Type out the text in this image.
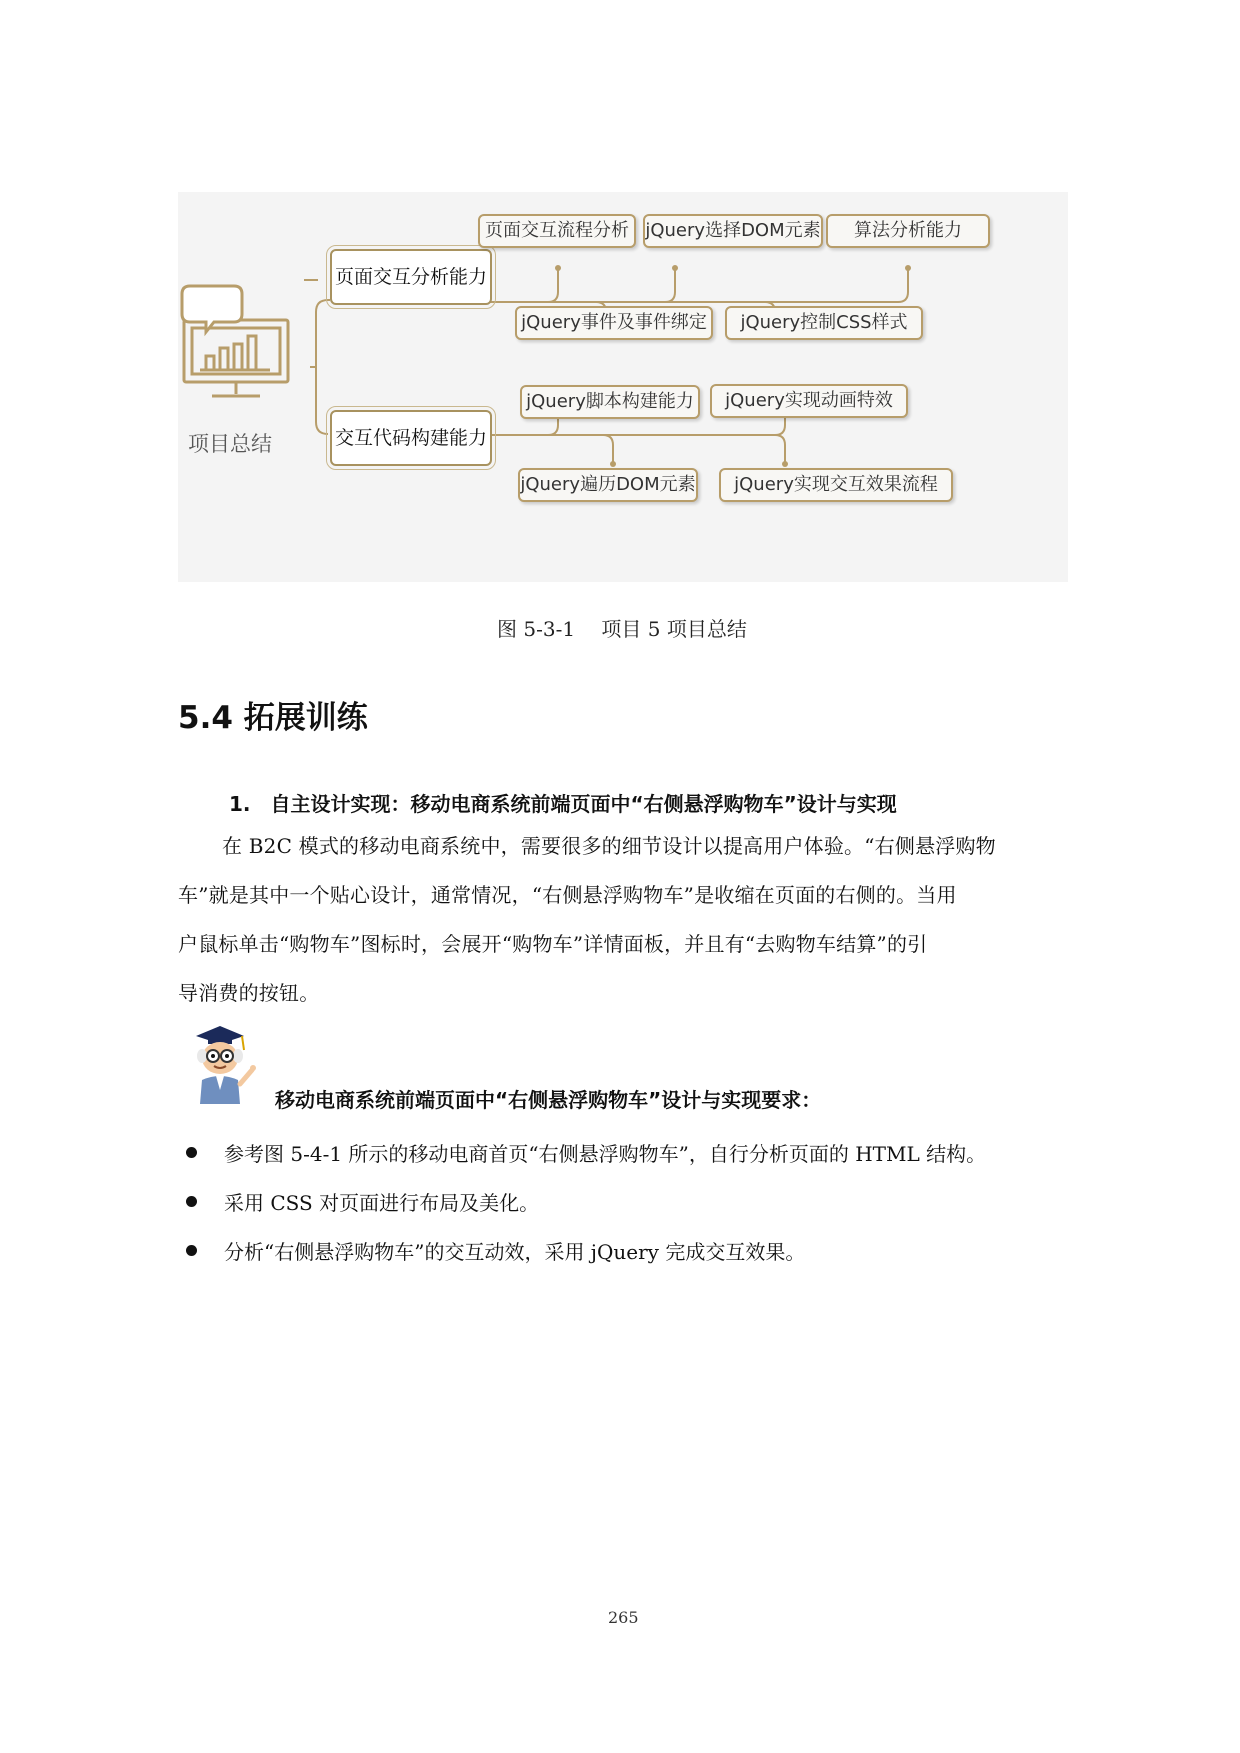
项目总结
页面交互分析能力
页面交互流程分析 jQuery选择DOM元素	算法分析能力
jQuery事件及事件绑定	jQuery控制CSS样式
交互代码构建能力
jQuery脚本构建能力	jQuery实现动画特效
jQuery遍历DOM元素	jQuery实现交互效果流程
图 5-3-1　 项目 5 项目总结
5.4 拓展训练
1.　自主设计实现：移动电商系统前端页面中“右侧悬浮购物车”设计与实现
在 B2C 模式的移动电商系统中，需要很多的细节设计以提高用户体验。“右侧悬浮购物
车”就是其中一个贴心设计，通常情况，“右侧悬浮购物车”是收缩在页面的右侧的。当用
户鼠标单击“购物车”图标时，会展开“购物车”详情面板，并且有“去购物车结算”的引
导消费的按钮。
移动电商系统前端页面中“右侧悬浮购物车”设计与实现要求：
参考图 5-4-1 所示的移动电商首页“右侧悬浮购物车”，自行分析页面的 HTML 结构。
采用 CSS 对页面进行布局及美化。
分析“右侧悬浮购物车”的交互动效，采用 jQuery 完成交互效果。
265
